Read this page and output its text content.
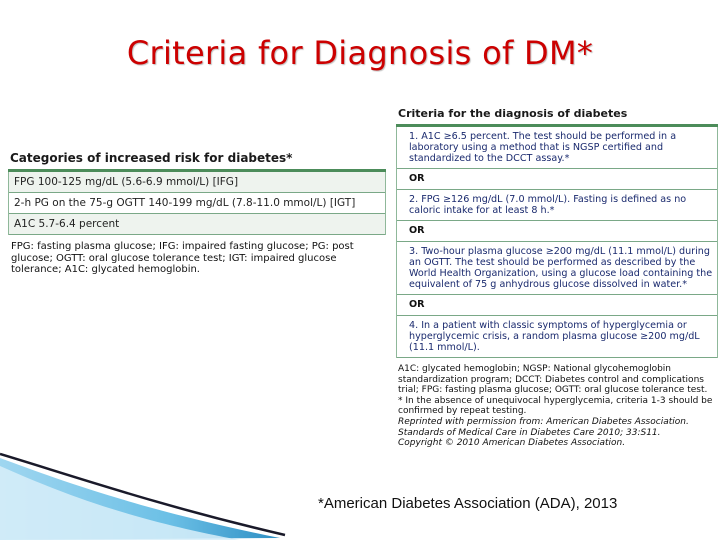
Criteria for Diagnosis of DM*
Categories of increased risk for diabetes*
FPG 100-125 mg/dL (5.6-6.9 mmol/L) [IFG]
2-h PG on the 75-g OGTT 140-199 mg/dL (7.8-11.0 mmol/L) [IGT]
A1C 5.7-6.4 percent
FPG: fasting plasma glucose; IFG: impaired fasting glucose; PG: post glucose; OGTT: oral glucose tolerance test; IGT: impaired glucose tolerance; A1C: glycated hemoglobin.
Criteria for the diagnosis of diabetes
1. A1C ≥6.5 percent. The test should be performed in a laboratory using a method that is NGSP certified and standardized to the DCCT assay.*
OR
2. FPG ≥126 mg/dL (7.0 mmol/L). Fasting is defined as no caloric intake for at least 8 h.*
OR
3. Two-hour plasma glucose ≥200 mg/dL (11.1 mmol/L) during an OGTT. The test should be performed as described by the World Health Organization, using a glucose load containing the equivalent of 75 g anhydrous glucose dissolved in water.*
OR
4. In a patient with classic symptoms of hyperglycemia or hyperglycemic crisis, a random plasma glucose ≥200 mg/dL (11.1 mmol/L).
A1C: glycated hemoglobin; NGSP: National glycohemoglobin standardization program; DCCT: Diabetes control and complications trial; FPG: fasting plasma glucose; OGTT: oral glucose tolerance test.
* In the absence of unequivocal hyperglycemia, criteria 1-3 should be confirmed by repeat testing.
Reprinted with permission from: American Diabetes Association.
Standards of Medical Care in Diabetes Care 2010; 33:S11.
Copyright © 2010 American Diabetes Association.
*American Diabetes Association (ADA), 2013
